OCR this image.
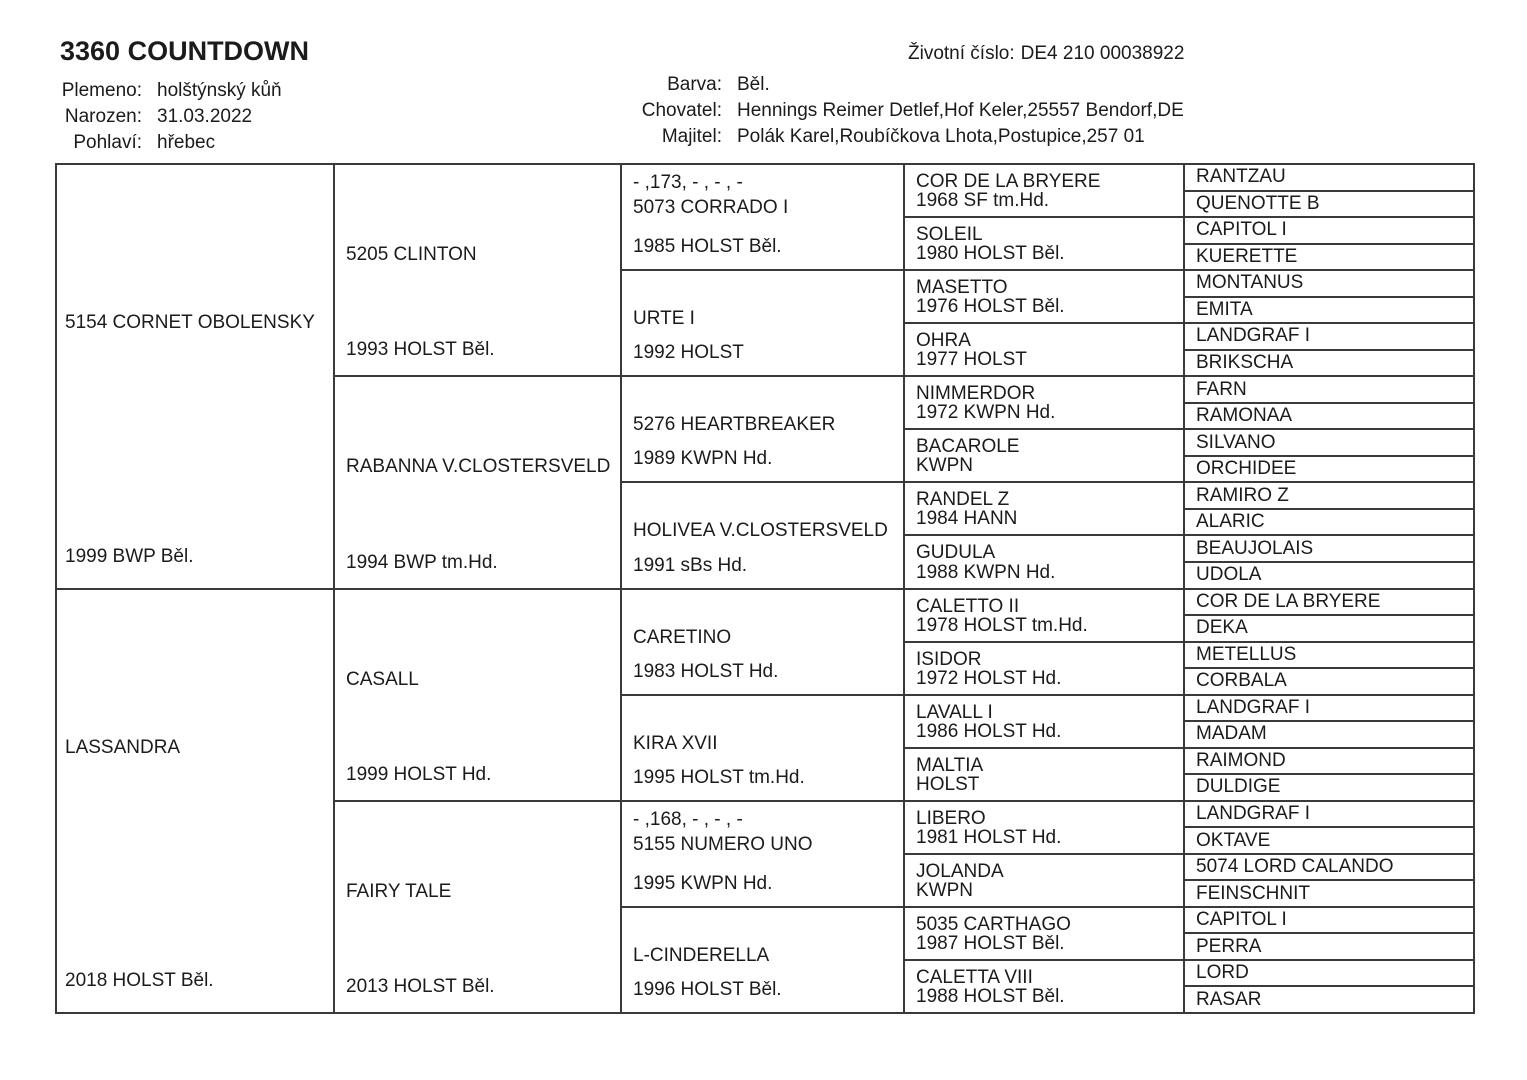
3360 COUNTDOWN	Životní číslo: DE4 210 00038922
Plemeno: holštýnský kůň
Narozen: 31.03.2022
Pohlaví: hřebec
Barva: Běl.
Chovatel: Hennings Reimer Detlef,Hof Keler,25557 Bendorf,DE
Majitel: Polák Karel,Roubíčkova Lhota,Postupice,257 01
5154 CORNET OBOLENSKY
1999 BWP Běl.
LASSANDRA
2018 HOLST Běl.
5205 CLINTON
1993 HOLST Běl.
RABANNA V.CLOSTERSVELD
1994 BWP tm.Hd.
CASALL
1999 HOLST Hd.
FAIRY TALE
2013 HOLST Běl.
- ,173, - , - , -
5073 CORRADO I
1985 HOLST Běl.
URTE I
1992 HOLST
5276 HEARTBREAKER
1989 KWPN Hd.
HOLIVEA V.CLOSTERSVELD
1991 sBs Hd.
CARETINO
1983 HOLST Hd.
KIRA XVII
1995 HOLST tm.Hd.
- ,168, - , - , -
5155 NUMERO UNO
1995 KWPN Hd.
L-CINDERELLA
1996 HOLST Běl.
COR DE LA BRYERE
1968 SF tm.Hd.
SOLEIL
1980 HOLST Běl.
MASETTO
1976 HOLST Běl.
OHRA
1977 HOLST
NIMMERDOR
1972 KWPN Hd.
BACAROLE
KWPN
RANDEL Z
1984 HANN
GUDULA
1988 KWPN Hd.
CALETTO II
1978 HOLST tm.Hd.
ISIDOR
1972 HOLST Hd.
LAVALL I
1986 HOLST Hd.
MALTIA
HOLST
LIBERO
1981 HOLST Hd.
JOLANDA
KWPN
5035 CARTHAGO
1987 HOLST Běl.
CALETTA VIII
1988 HOLST Běl.
RANTZAU
QUENOTTE B
CAPITOL I
KUERETTE
MONTANUS
EMITA
LANDGRAF I
BRIKSCHA
FARN
RAMONAA
SILVANO
ORCHIDEE
RAMIRO Z
ALARIC
BEAUJOLAIS
UDOLA
COR DE LA BRYERE
DEKA
METELLUS
CORBALA
LANDGRAF I
MADAM
RAIMOND
DULDIGE
LANDGRAF I
OKTAVE
5074 LORD CALANDO
FEINSCHNIT
CAPITOL I
PERRA
LORD
RASAR
